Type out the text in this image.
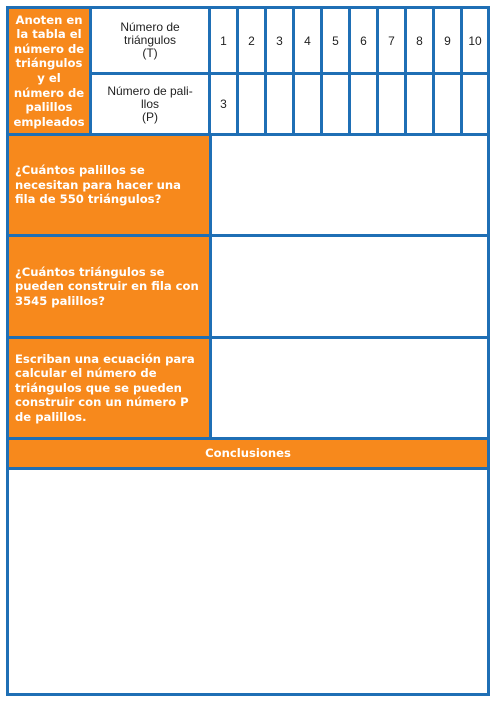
Anoten en la tabla el número de triángulos y el número de palillos empleados
Número de
triángulos
(T)
Número de pali-
llos
(P)
1 2 3 4 5 6 7 8 9 10
3
¿Cuántos palillos se necesitan para hacer una fila de 550 triángulos?
¿Cuántos triángulos se pueden construir en fila con 3545 palillos?
Escriban una ecuación para calcular el número de triángulos que se pueden construir con un número P de palillos.
Conclusiones
